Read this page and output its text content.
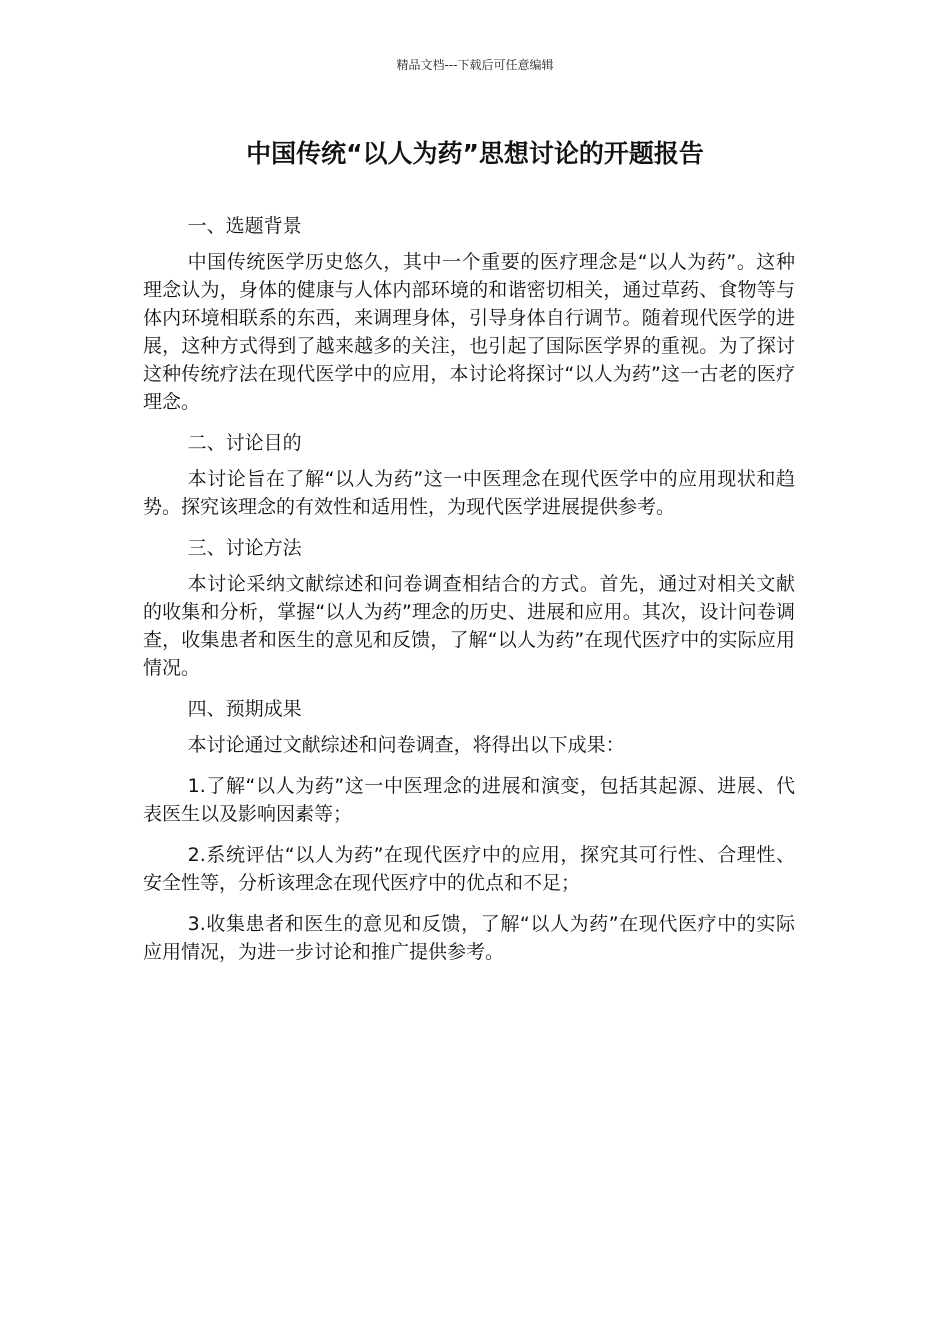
精品文档---下载后可任意编辑
中国传统“以人为药”思想讨论的开题报告

一、选题背景

中国传统医学历史悠久，其中一个重要的医疗理念是“以人为药”。这种理念认为，身体的健康与人体内部环境的和谐密切相关，通过草药、食物等与体内环境相联系的东西，来调理身体，引导身体自行调节。随着现代医学的进展，这种方式得到了越来越多的关注，也引起了国际医学界的重视。为了探讨这种传统疗法在现代医学中的应用，本讨论将探讨“以人为药”这一古老的医疗理念。

二、讨论目的

本讨论旨在了解“以人为药”这一中医理念在现代医学中的应用现状和趋势。探究该理念的有效性和适用性，为现代医学进展提供参考。

三、讨论方法

本讨论采纳文献综述和问卷调查相结合的方式。首先，通过对相关文献的收集和分析，掌握“以人为药”理念的历史、进展和应用。其次，设计问卷调查，收集患者和医生的意见和反馈，了解“以人为药”在现代医疗中的实际应用情况。

四、预期成果

本讨论通过文献综述和问卷调查，将得出以下成果：

1.了解“以人为药”这一中医理念的进展和演变，包括其起源、进展、代表医生以及影响因素等；

2.系统评估“以人为药”在现代医疗中的应用，探究其可行性、合理性、安全性等，分析该理念在现代医疗中的优点和不足；

3.收集患者和医生的意见和反馈，了解“以人为药”在现代医疗中的实际应用情况，为进一步讨论和推广提供参考。
